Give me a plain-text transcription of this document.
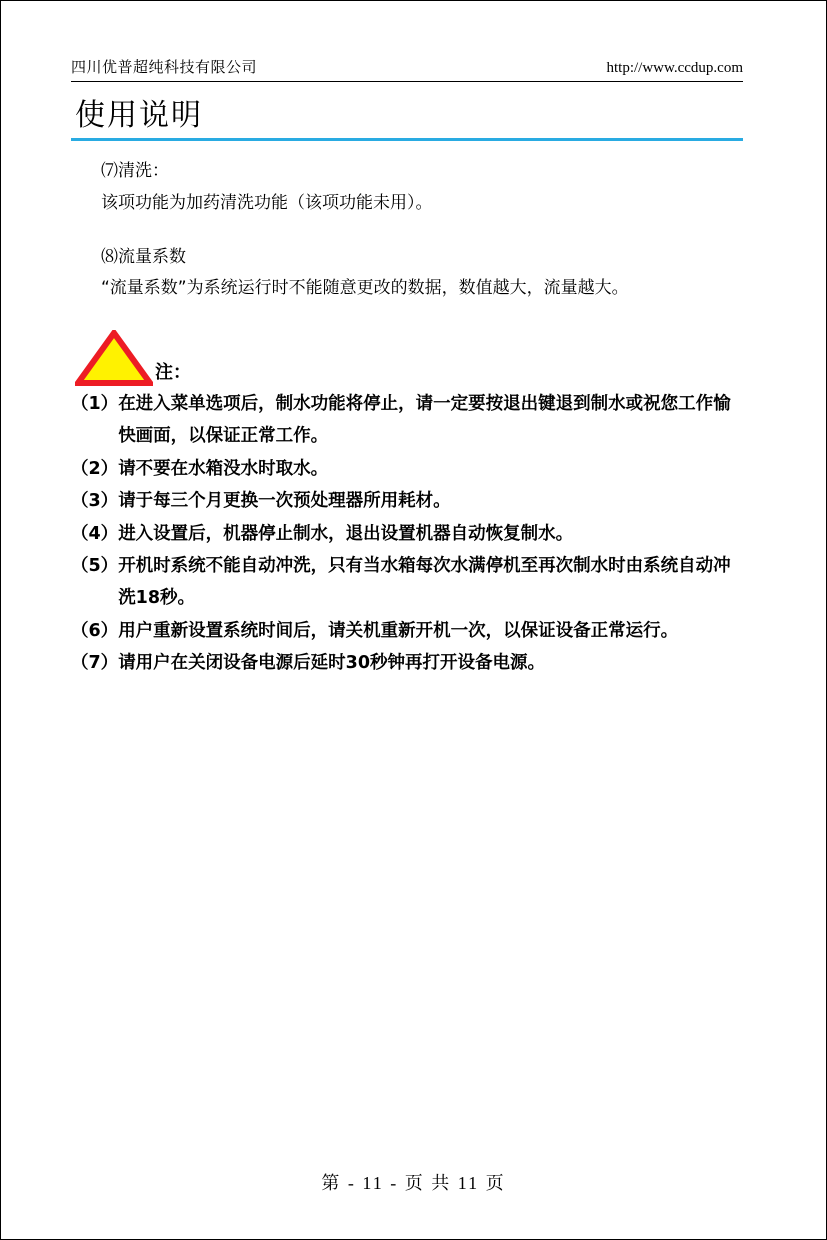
四川优普超纯科技有限公司	http://www.ccdup.com
使用说明

⑺清洗：

该项功能为加药清洗功能（该项功能未用）。

⑻流量系数

“流量系数”为系统运行时不能随意更改的数据，数值越大，流量越大。

注：
（1） 在进入菜单选项后，制水功能将停止，请一定要按退出键退到制水或祝您工作愉快画面，以保证正常工作。
（2） 请不要在水箱没水时取水。
（3） 请于每三个月更换一次预处理器所用耗材。
（4） 进入设置后，机器停止制水，退出设置机器自动恢复制水。
（5） 开机时系统不能自动冲洗，只有当水箱每次水满停机至再次制水时由系统自动冲洗18秒。
（6） 用户重新设置系统时间后，请关机重新开机一次，以保证设备正常运行。
（7） 请用户在关闭设备电源后延时30秒钟再打开设备电源。
第 - 11 - 页 共 11 页
